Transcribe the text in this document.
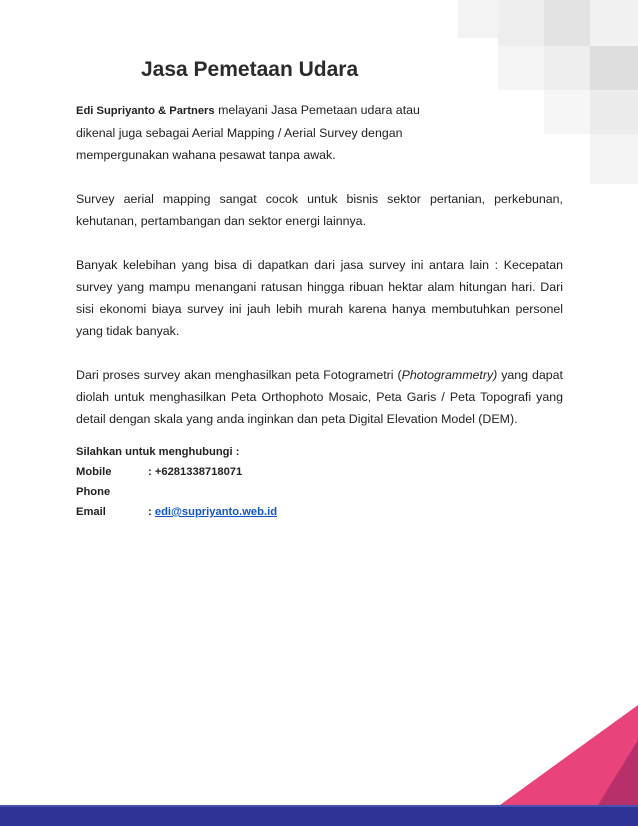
Jasa Pemetaan Udara

Edi Supriyanto & Partners melayani Jasa Pemetaan udara atau dikenal juga sebagai Aerial Mapping / Aerial Survey dengan mempergunakan wahana pesawat tanpa awak.

Survey aerial mapping sangat cocok untuk bisnis sektor pertanian, perkebunan, kehutanan, pertambangan dan sektor energi lainnya.

Banyak kelebihan yang bisa di dapatkan dari jasa survey ini antara lain : Kecepatan survey yang mampu menangani ratusan hingga ribuan hektar alam hitungan hari. Dari sisi ekonomi biaya survey ini jauh lebih murah karena hanya membutuhkan personel yang tidak banyak.

Dari proses survey akan menghasilkan peta Fotogrametri (Photogrammetry) yang dapat diolah untuk menghasilkan Peta Orthophoto Mosaic, Peta Garis / Peta Topografi yang detail dengan skala yang anda inginkan dan peta Digital Elevation Model (DEM).

Silahkan untuk menghubungi :
Mobile Phone
: +6281338718071
Email	: edi@supriyanto.web.id
